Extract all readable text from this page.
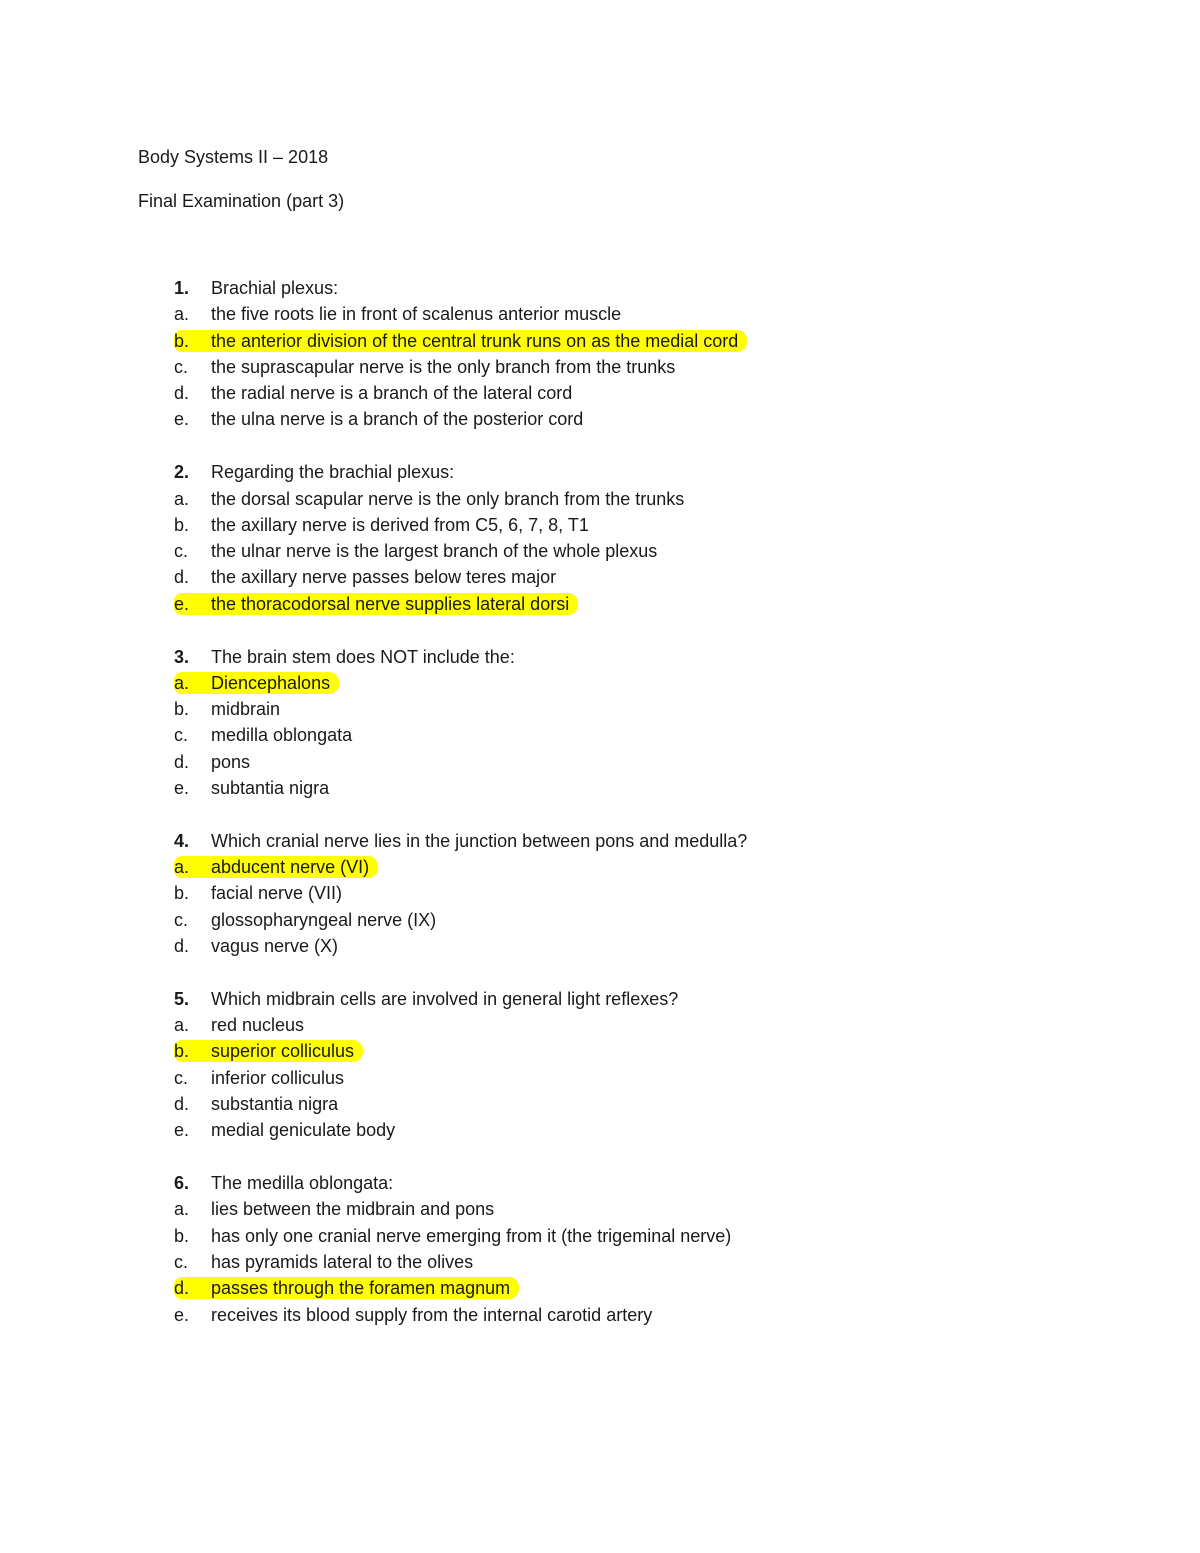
Body Systems II – 2018
Final Examination (part 3)
1.	Brachial plexus:
a.	the five roots lie in front of scalenus anterior muscle
b.	the anterior division of the central trunk runs on as the medial cord
c.	the suprascapular nerve is the only branch from the trunks
d.	the radial nerve is a branch of the lateral cord
e.	the ulna nerve is a branch of the posterior cord
2.	Regarding the brachial plexus:
a.	the dorsal scapular nerve is the only branch from the trunks
b.	the axillary nerve is derived from C5, 6, 7, 8, T1
c.	the ulnar nerve is the largest branch of the whole plexus
d.	the axillary nerve passes below teres major
e.	the thoracodorsal nerve supplies lateral dorsi
3.	The brain stem does NOT include the:
a.	Diencephalons
b.	midbrain
c.	medilla oblongata
d.	pons
e.	subtantia nigra
4.	Which cranial nerve lies in the junction between pons and medulla?
a.	abducent nerve (VI)
b.	facial nerve (VII)
c.	glossopharyngeal nerve (IX)
d.	vagus nerve (X)
5.	Which midbrain cells are involved in general light reflexes?
a.	red nucleus
b.	superior colliculus
c.	inferior colliculus
d.	substantia nigra
e.	medial geniculate body
6.	The medilla oblongata:
a.	lies between the midbrain and pons
b.	has only one cranial nerve emerging from it (the trigeminal nerve)
c.	has pyramids lateral to the olives
d.	passes through the foramen magnum
e.	receives its blood supply from the internal carotid artery
